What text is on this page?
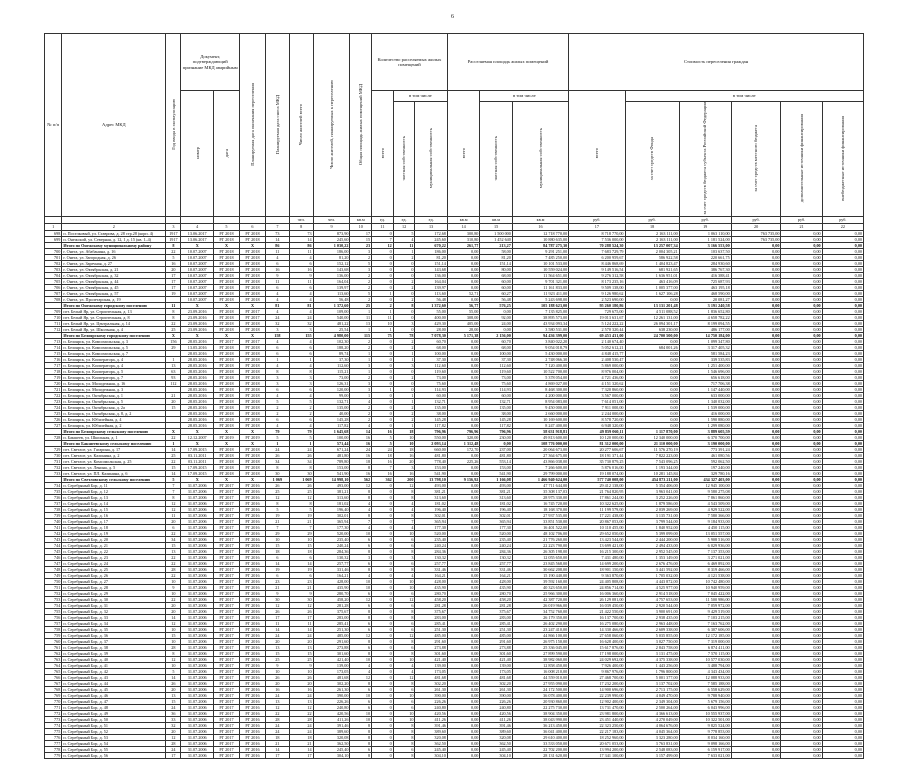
6
№ п/п	Адрес МКД	Год ввода в эксплуатацию	Документ, подтверждающий признание МКД аварийным		Планируемая дата окончания переселения	Планируемая дата сноса МКД	Число жителей всего	Число жителей, планируемых к переселению	Общая площадь жилых помещений МКД	Количество расселяемых жилых помещений			Расселяемая площадь жилых помещений			Стоимость переселения граждан					
			номер	дата						всего	в том числе		всего	в том числе		всего	в том числе				
											частная собственность	муниципальная собственность		частная собственность	муниципальная собственность		за счет средств Фонда	за счет средств бюджета субъекта Российской Федерации	за счет средств местного бюджета	дополнительные источники финансирования	внебюджетные источники финансирования
							чел.	чел.	кв.м	ед.	ед.	ед.	кв.м	кв.м	кв.м	руб.	руб.	руб.	руб.	руб.	руб.
1	2	3	4	5	6	7	8	9	10	11	12	13	14	15	16	17	18	19	20	21	22
698	п. Поселковый, ул. Ставрова, д. 28 стр.28 (корп. 4)	1917	13.06.2017	РГ 2018	РГ 2018	73	73	873,90	17	0	5	172,68	300,80	1 500 000	12 718 770,00	8 718 770,00	2 163 111,00	1 063 110,00	763 735,00	0,00	0,00
699	п. Онежский, ул. Северная, д. 12, 1 д. 15 (кв. 1–4)	1917	13.06.2017	РГ 2018	РГ 2018	14	14	245,60	15	7	4	245,60	310,80	1 452 640	10 880 635,00	7 536 000,00	2 163 111,00	1 181 524,00	763 735,00	0,00	0,00
	Итого по Онежскому муниципальному району	8	X	X	X	86	86	1 030,22	23	12	11	670,22	261,77	213,27	84 787 275,30	70 288 524,30	13 257 007,34	3 166 553,00	0,00	0,00	0,00
700	г. Онега, ул. Абабанина, д. 16	22	10.07.2007	РГ 2018	РГ 2018	11	11	186,00	3	0	1	186,00	0,00	58,00	9 291 251,00	7 683 729,79	2 004 305,21	103 637,50	0,00	0,00	0,00
701	г. Онега, ул. Загородная, д. 26	5	10.07.2007	РГ 2018	РГ 2018	4	4	81,20	2	0	2	81,20	0,00	81,20	7 485 250,00	6 200 959,67	586 922,58	220 661,75	0,00	0,00	0,00
702	г. Онега, ул. Заречная, д. 27	16	10.07.2007	РГ 2018	РГ 2018	6	6	152,12	5	0	0	151,14	0,00	151,14	10 101 533,00	8 446 868,69	1 404 823,47	284 930,60	0,00	0,00	0,00
703	г. Онега, ул. Октябрьская, д. 21	20	10.07.2007	РГ 2018	РГ 2018	16	16	143,68	3	0	0	143,68	0,00	80,00	10 559 024,00	9 149 516,54	681 921,65	386 767,30	0,00	0,00	0,00
704	г. Онега, ул. Октябрьская, д. 32	17	10.07.2007	РГ 2018	РГ 2018	9	9	136,00	2	0	0	136,00	0,00	68,00	11 564 651,00	9 276 312,58	1 636 951,01	416 388,41	0,00	0,00	0,00
705	г. Онега, ул. Октябрьская, д. 44	17	10.07.2007	РГ 2018	РГ 2018	11	11	164,04	2	0	2	164,04	0,00	60,00	9 701 321,00	8 173 235,16	463 416,09	725 687,93	0,00	0,00	0,00
706	г. Онега, ул. Октябрьская, д. 45	17	10.07.2007	РГ 2018	РГ 2018	6	6	139,97	2	0	2	139,97	0,00	60,00	11 161 833,00	9 509 138,00	1 005 377,00	463 195,18	0,00	0,00	0,00
707	г. Онега, ул. Октябрьская, д. 57	19	10.07.2007	РГ 2018	РГ 2018	4	4	113,60	5	1	0	113,60	52,71	60,27	11 923 411,00	9 126 980,62	1 627 106,28	468 590,00	0,00	0,00	0,00
708	г. Онега, ул. Пролетарская, д. 19		10.07.2007	РГ 2018	РГ 2018	4	4	56,48	2	0	2	56,48	0,00	56,48	5 243 698,00	2 523 690,00	0,00	20 081,27	0,00	0,00	0,00
	Итого по Онежскому городскому поселению	11	X	X	X	81	81	1 372,60	25	2	8	1 372,60	56,77	576,25	105 188 623,00	95 260 180,86	13 131 201,48	3 191 240,58	0,00	0,00	0,00
709	пгт. Белый Яр, ул. Строительная, д. 13	8	23.09.2016	РГ 2018	РГ 2017	4	4	109,00	1	1	0	55,00	55,00	0,00	7 135 825,00	729 675,00	4 511 088,52	1 836 652,80	0,00	0,00	0,00
710	пгт. Белый Яр, ул. Строительная, д. 8	8	23.09.2016	РГ 2018	РГ 2017	24	24	540,00	11	11	0	400,00	308,00	92,00	38 895 573,00	19 013 631,67	12 261 131,00	4 658 782,22	0,00	0,00	0,00
711	пгт. Белый Яр, ул. Центральная, д. 14	22	23.09.2016	РГ 2018	РГ 2018	32	32	481,22	13	10	3	429,30	405,00	24,00	43 934 093,34	5 124 222,22	26 094 301,17	8 199 094,55	0,00	0,00	0,00
712	пгт. Белый Яр, ул. Школьная, д. 4	25	23.09.2016	РГ 2018	РГ 2018	3	3	25,54	1	1	0	28,00	28,00	0,00	3 580 531,00	2 570 320,44	638 230,00	486 177,00	0,00	0,00	0,00
	Итого по Белоярскому городскому поселению	X	X	X	X	158	155	4 980,00	115	75	78	7 078,30	5 171,38	2 156,00	94 436 399,00	69 453 431,00	24 700 500,00	14 750 184,00	0,00	0,00	0,00
713	п. Белоярск, ул. Комсомольская, д. 3	156	28.05.2016	РГ 2017	РГ 2017	4	4	102,30	2	0	2	60,70	0,00	60,70	3 840 022,20	2 140 674,40	0,00	1 099 347,80	0,00	0,00	0,00
714	п. Белоярск, ул. Комсомольская, д. 5	29	13.05.2016	РГ 2018	РГ 2018	6	6	188,20	2	0	2	68,00	0,00	68,00	9 054 018,79	5 052 612,21	684 001,26	3 317 405,32	0,00	0,00	0,00
715	п. Белоярск, ул. Комсомольская, д. 7		28.05.2016	РГ 2018	РГ 2018	6	6	89,74	1	0	1	100,00	0,00	100,00	5 430 000,00	4 848 415,77	0,00	581 584,23	0,00	0,00	0,00
716	п. Белоярск, ул. Кооператора, д. 4	1	28.05.2016	РГ 2018	РГ 2018	1	1	37,30	1	0	1	37,30	0,00	37,30	2 748 066,30	2 408 530,47	0,00	339 535,83	0,00	0,00	0,00
717	п. Белоярск, ул. Кооператора, д. 4	13	28.05.2016	РГ 2018	РГ 2018	4	4	112,60	3	0	3	112,60	0,00	112,60	7 120 400,00	5 869 000,00	0,00	1 251 400,00	0,00	0,00	0,00
718	п. Белоярск, ул. Кооператора, д. 5	63	28.05.2016	РГ 2018	РГ 2018	8	8	115,21	1	0	0	119,60	0,00	119,60	10 522 700,00	8 976 004,00	0,00	1 546 696,00	0,00	0,00	0,00
719	п. Белоярск, ул. Кооператора, д. 7	93	28.05.2016	РГ 2018	РГ 2018	3	3	73,00	2	0	2	73,00	0,00	73,00	5 378 054,00	4 721 436,00	0,00	656 618,00	0,00	0,00	0,00
720	п. Белоярск, ул. Молодежная, д. 16	112	28.05.2016	РГ 2018	РГ 2018	3	3	126,31	3	0	0	75,60	0,00	75,60	4 869 027,00	4 151 320,62	0,00	717 706,38	0,00	0,00	0,00
721	п. Белоярск, ул. Молодежная, д. 3		28.05.2016	РГ 2018	РГ 2018	6	6	120,00	3	1	0	114,93	0,00	114,93	8 468 300,00	7 320 860,00	0,00	1 147 440,00	0,00	0,00	0,00
722	п. Белоярск, ул. Октябрьская, д. 1	21	28.05.2016	РГ 2018	РГ 2018	4	4	99,00	1	0	1	60,00	0,00	60,00	4 200 000,00	3 567 000,00	0,00	633 000,00	0,00	0,00	0,00
723	п. Белоярск, ул. Октябрьская, д. 5	20	28.05.2016	РГ 2018	РГ 2018	5	5	132,71	4	0	1	132,71	0,00	132,71	8 954 083,00	7 614 051,00	0,00	1 340 032,00	0,00	0,00	0,00
724	п. Белоярск, ул. Октябрьская, д. 2а	15	28.05.2016	РГ 2018	РГ 2018	2	2	135,00	2	0	2	135,00	0,00	135,00	9 450 000,00	7 911 000,00	0,00	1 539 000,00	0,00	0,00	0,00
725	п. Белоярск, ул. Октябрьская, д. 8, д. 2		28.05.2016	РГ 2018	РГ 2018	2	2	40,00	2	0	2	38,00	0,00	38,00	2 660 000,00	2 244 000,00	0,00	416 000,00	0,00	0,00	0,00
726	п. Белоярск, ул. Юбилейная, д. 4		28.05.2016	РГ 2018	РГ 2018	6	6	145,28	2	0	2	145,28	0,00	145,28	10 169 600,00	8 578 720,00	0,00	1 590 880,00	0,00	0,00	0,00
727	п. Белоярск, ул. Юбилейная, д. 2		28.05.2016	РГ 2018	РГ 2018	4	4	117,82	4	0	1	117,82	0,00	117,82	8 247 400,00	6 948 320,00	0,00	1 299 080,00	0,00	0,00	0,00
	Итого по Белоярскому сельскому поселению	X	X	X	X	79	79	1 645,68	14	16	18	796,96	796,96	796,96	58 631 918,81	49 859 060,11	1 117 870,00	3 889 605,59	0,00	0,00	0,00
728	п. Бакшеев, ул. Школьная, д. 1	22	12.12.2007	РГ 2019	РГ 2019	5	5	100,00	16	5	10	550,00	320,00	230,00	49 813 600,00	10 120 000,00	12 340 000,00	6 370 700,00	0,00	0,00	0,00
	Итого по Бакшеевскому сельскому поселению	1	X	X	X	1	1	571,44	16	5	10	2 093,14	1 312,48	0,00	108 776 000,00	81 312 000,00	21 110 000,00	3 190 000,00	0,00	0,00	0,00
729	пгт. Светлое, ул. Гагарина, д. 17	14	17.09.2015	РГ 2018	РГ 2018	24	24	671,24	24	24	18	660,00	172,70	237,00	20 064 673,00	20 277 606,67	11 576 270,19	773 391,24	0,00	0,00	0,00
730	пгт. Светлое, ул. Калинина, д. 2	25	03.11.2011	РГ 2018	РГ 2018	26	26	481,80	16	18	16	481,80	0,00	481,80	27 364 675,00	18 191 371,44	7 822 223,00	461 080,56	0,00	0,00	0,00
731	пгт. Светлое, ул. Комсомольская, д. 25	22	03.11.2011	РГ 2018	РГ 2018	34	34	789,80	18	16	20	778,40	225,26	553,14	43 866 038,00	35 730 879,25	7 543 096,25	592 062,50	0,00	0,00	0,00
732	пгт. Светлое, ул. Ленина, д. 5	15	17.09.2015	РГ 2018	РГ 2018	8	8	153,00	8	7	3	153,00	0,00	153,00	7 266 600,00	5 876 016,00	1 193 344,00	197 240,00	0,00	0,00	0,00
733	пгт. Светлое, ул. ПЛ. Калинина, д. 6	14	17.09.2015	РГ 2018	РГ 2018	30	30	541,90	16	16	16	541,90	0,00	541,90	29 799 000,00	19 188 074,00	10 281 145,84	329 780,16	0,00	0,00	0,00
	Итого по Светловскому сельскому поселению	5	X	X	X	1 069	1 069	14 998,10	562	362	200	13 798,10	9 156,92	1 166,08	1 466 940 624,00	577 740 008,00	454 873 211,00	434 327 403,00	0,00	0,00	0,00
734	п. Серебряный Бор, д. 11	7	31.07.2006	РГ 2017	РГ 2016	26	26	493,00	12	0	12	493,00	0,00	493,00	47 711 644,00	29 412 138,00	5 354 406,00	12 945 100,00	0,00	0,00	0,00
735	п. Серебряный Бор, д. 12	7	31.07.2006	РГ 2017	РГ 2016	25	25	381,21	8	0	8	381,21	0,00	381,21	35 308 137,03	21 764 820,95	3 963 041,00	9 580 275,08	0,00	0,00	0,00
736	п. Серебряный Бор, д. 13	8	31.07.2006	РГ 2017	РГ 2016	12	12	313,60	8	0	8	313,60	0,00	313,60	28 975 330,00	17 861 244,00	3 252 226,00	7 861 860,00	0,00	0,00	0,00
737	п. Серебряный Бор, д. 14	12	31.07.2006	РГ 2017	РГ 2016	8	8	181,02	4	0	4	181,02	0,00	181,02	16 745 720,00	10 322 625,00	1 879 586,00	4 543 509,00	0,00	0,00	0,00
738	п. Серебряный Бор, д. 15	12	31.07.2006	РГ 2017	РГ 2016	5	5	196,40	4	0	4	196,40	0,00	196,40	18 168 370,00	11 199 579,00	2 039 269,00	4 929 522,00	0,00	0,00	0,00
739	п. Серебряный Бор, д. 16	11	31.07.2006	РГ 2017	РГ 2016	19	19	302,01	8	0	8	302,01	0,00	302,01	27 937 535,00	17 221 438,00	3 135 731,00	7 580 366,00	0,00	0,00	0,00
740	п. Серебряный Бор, д. 17	20	31.07.2006	РГ 2017	РГ 2016	21	21	365,94	7	0	7	365,94	0,00	365,94	33 851 530,00	20 867 053,00	3 799 544,00	9 184 933,00	0,00	0,00	0,00
741	п. Серебряный Бор, д. 18	6	31.07.2006	РГ 2017	РГ 2016	7	7	177,30	4	0	4	177,30	0,00	177,30	16 401 522,00	10 110 455,00	1 840 952,00	4 450 115,00	0,00	0,00	0,00
742	п. Серебряный Бор, д. 19	22	31.07.2006	РГ 2017	РГ 2016	29	29	520,00	10	0	10	520,00	0,00	520,00	48 102 706,00	29 652 050,00	5 399 099,00	13 051 557,00	0,00	0,00	0,00
743	п. Серебряный Бор, д. 20	34	31.07.2006	РГ 2017	РГ 2016	10	10	235,40	6	0	6	235,40	0,00	235,40	21 776 260,00	13 423 544,00	2 444 200,00	5 908 516,00	0,00	0,00	0,00
744	п. Серебряный Бор, д. 21	15	31.07.2006	РГ 2017	РГ 2016	15	15	240,24	6	0	6	240,24	0,00	240,24	22 223 790,00	13 699 421,00	2 494 433,00	6 029 936,00	0,00	0,00	0,00
745	п. Серебряный Бор, д. 22	13	31.07.2006	РГ 2017	РГ 2016	18	18	284,36	8	0	8	284,36	0,00	284,36	26 305 198,00	16 215 300,00	2 952 545,00	7 137 353,00	0,00	0,00	0,00
746	п. Серебряный Бор, д. 23	22	31.07.2006	РГ 2017	РГ 2016	6	6	130,32	3	0	3	130,32	0,00	130,32	12 055 650,00	7 431 480,00	1 353 149,00	3 271 021,00	0,00	0,00	0,00
747	п. Серебряный Бор, д. 24	22	31.07.2006	РГ 2017	РГ 2016	14	14	257,77	6	0	6	257,77	0,00	257,77	23 845 568,00	14 699 200,00	2 676 476,00	6 469 892,00	0,00	0,00	0,00
748	п. Серебряный Бор, д. 25	28	31.07.2006	РГ 2017	РГ 2016	19	19	331,46	8	0	8	331,46	0,00	331,46	30 662 208,00	18 901 150,00	3 441 592,00	8 319 466,00	0,00	0,00	0,00
749	п. Серебряный Бор, д. 26	22	31.07.2006	РГ 2017	РГ 2016	6	6	164,21	4	0	4	164,21	0,00	164,21	15 190 440,00	9 363 870,00	1 705 032,00	4 121 538,00	0,00	0,00	0,00
750	п. Серебряный Бор, д. 27	10	31.07.2006	РГ 2017	РГ 2016	23	23	428,00	10	0	10	428,00	0,00	428,00	39 592 160,00	24 405 808,00	4 443 872,00	10 742 480,00	0,00	0,00	0,00
751	п. Серебряный Бор, д. 28	9	31.07.2006	РГ 2017	РГ 2016	21	21	435,90	10	0	10	435,90	0,00	435,90	40 323 650,00	24 856 714,00	4 525 977,00	10 940 959,00	0,00	0,00	0,00
752	п. Серебряный Бор, д. 29	10	31.07.2006	РГ 2017	РГ 2016	9	9	280,70	6	0	6	280,70	0,00	280,70	25 966 300,00	16 006 360,00	2 914 518,00	7 045 422,00	0,00	0,00	0,00
753	п. Серебряный Бор, д. 30	22	31.07.2006	РГ 2017	РГ 2016	30	30	458,20	12	0	12	458,20	0,00	458,20	42 387 720,00	26 129 081,00	4 757 653,00	11 500 986,00	0,00	0,00	0,00
754	п. Серебряный Бор, д. 31	20	31.07.2006	РГ 2017	РГ 2016	12	12	281,28	6	0	6	281,28	0,00	281,28	26 019 966,00	16 039 450,00	2 920 544,00	7 059 972,00	0,00	0,00	0,00
755	п. Серебряный Бор, д. 32	20	31.07.2006	РГ 2017	РГ 2016	26	26	375,67	8	0	8	375,67	0,00	375,67	34 752 760,00	21 422 550,00	3 900 691,00	9 429 519,00	0,00	0,00	0,00
756	п. Серебряный Бор, д. 33	14	31.07.2006	РГ 2017	РГ 2016	17	17	283,00	8	0	8	283,00	0,00	283,00	26 179 350,00	16 137 700,00	2 938 435,00	7 103 215,00	0,00	0,00	0,00
757	п. Серебряный Бор, д. 34	12	31.07.2006	РГ 2017	РГ 2016	11	11	285,41	6	0	6	285,41	0,00	285,41	26 402 290,00	16 275 080,00	2 963 448,00	7 163 762,00	0,00	0,00	0,00
758	п. Серебряный Бор, д. 35	10	31.07.2006	РГ 2017	РГ 2016	14	14	251,30	6	0	6	251,30	0,00	251,30	23 247 410,00	14 330 466,00	2 609 338,00	6 307 606,00	0,00	0,00	0,00
759	п. Серебряный Бор, д. 36	15	31.07.2006	РГ 2017	РГ 2016	24	24	485,00	12	0	12	485,00	0,00	485,00	44 866 100,00	27 658 060,00	5 035 855,00	12 172 185,00	0,00	0,00	0,00
760	п. Серебряный Бор, д. 37	10	31.07.2006	РГ 2017	РГ 2016	20	20	291,60	8	0	8	291,60	0,00	291,60	26 975 150,00	16 628 400,00	3 027 750,00	7 319 000,00	0,00	0,00	0,00
761	п. Серебряный Бор, д. 38	28	31.07.2006	РГ 2017	РГ 2016	13	13	273,88	6	0	6	273,88	0,00	273,88	25 336 045,00	15 617 876,00	2 843 758,00	6 874 411,00	0,00	0,00	0,00
762	п. Серебряный Бор, д. 39	8	31.07.2006	РГ 2017	РГ 2016	15	15	301,60	8	0	8	301,60	0,00	301,60	27 899 590,00	17 198 000,00	3 131 475,00	7 570 115,00	0,00	0,00	0,00
763	п. Серебряный Бор, д. 40	12	31.07.2006	РГ 2017	РГ 2016	25	25	421,40	10	0	10	421,40	0,00	421,40	38 982 060,00	24 029 692,00	4 375 338,00	10 577 030,00	0,00	0,00	0,00
764	п. Серебряный Бор, д. 41	10	31.07.2006	РГ 2017	РГ 2016	9	9	139,00	4	0	4	139,00	0,00	139,00	12 858 450,00	7 926 400,00	1 443 256,00	3 488 794,00	0,00	0,00	0,00
765	п. Серебряный Бор, д. 42	5	31.07.2006	РГ 2017	РГ 2016	10	10	173,05	4	0	4	173,05	0,00	173,05	16 008 210,00	9 867 976,00	1 796 800,00	4 343 434,00	0,00	0,00	0,00
766	п. Серебряный Бор, д. 43	14	31.07.2006	РГ 2017	РГ 2016	26	26	481,68	12	0	12	481,68	0,00	481,68	44 559 010,00	27 468 700,00	5 001 377,00	12 088 933,00	0,00	0,00	0,00
767	п. Серебряный Бор, д. 44	26	31.07.2006	РГ 2017	РГ 2016	20	20	302,20	8	0	8	302,20	0,00	302,20	27 955 090,00	17 232 200,00	3 137 702,00	7 585 188,00	0,00	0,00	0,00
768	п. Серебряный Бор, д. 45	20	31.07.2006	РГ 2017	РГ 2016	16	16	261,30	6	0	6	261,30	0,00	261,30	24 172 500,00	14 900 696,00	2 713 175,00	6 558 629,00	0,00	0,00	0,00
769	п. Серебряный Бор, д. 46	13	31.07.2006	РГ 2017	РГ 2016	24	24	390,00	10	0	10	390,00	0,00	390,00	36 078 400,00	22 239 990,00	4 049 470,00	9 788 940,00	0,00	0,00	0,00
770	п. Серебряный Бор, д. 47	15	31.07.2006	РГ 2017	РГ 2016	13	13	226,26	6	0	6	226,26	0,00	226,26	20 930 860,00	12 902 400,00	2 349 304,00	5 679 156,00	0,00	0,00	0,00
771	п. Серебряный Бор, д. 48	24	31.07.2006	РГ 2017	РГ 2016	12	12	240,80	6	0	6	240,80	0,00	240,80	22 275 730,00	13 731 470,00	2 500 264,00	6 043 996,00	0,00	0,00	0,00
772	п. Серебряный Бор, д. 49	36	31.07.2006	РГ 2017	РГ 2016	22	22	420,56	10	0	10	420,56	0,00	420,56	38 904 350,00	23 981 800,00	4 366 613,00	10 555 937,00	0,00	0,00	0,00
773	п. Серебряный Бор, д. 50	33	31.07.2006	РГ 2017	РГ 2016	28	28	411,26	10	0	10	411,26	0,00	411,26	38 043 990,00	23 451 440,00	4 270 049,00	10 322 501,00	0,00	0,00	0,00
774	п. Серебряный Бор, д. 51	32	31.07.2006	РГ 2017	РГ 2016	24	24	391,46	8	0	8	391,46	0,00	391,46	36 213 450,00	22 323 250,00	4 064 676,00	9 825 524,00	0,00	0,00	0,00
775	п. Серебряный Бор, д. 52	20	31.07.2006	РГ 2017	РГ 2016	24	24	389,60	8	0	8	389,60	0,00	389,60	36 041 400,00	22 217 183,00	4 045 364,00	9 778 853,00	0,00	0,00	0,00
776	п. Серебряный Бор, д. 53	12	31.07.2006	РГ 2017	РГ 2016	18	18	320,08	8	0	8	320,08	0,00	320,08	29 610 400,00	18 252 960,00	3 323 280,00	8 034 160,00	0,00	0,00	0,00
777	п. Серебряный Бор, д. 54	28	31.07.2006	РГ 2017	РГ 2016	21	21	362,50	8	0	8	362,50	0,00	362,50	33 533 050,00	20 671 053,00	3 763 831,00	9 098 166,00	0,00	0,00	0,00
778	п. Серебряный Бор, д. 55	24	31.07.2006	РГ 2017	РГ 2016	14	14	245,40	6	0	6	245,40	0,00	245,40	22 702 200,00	13 994 200,00	2 548 083,00	6 159 917,00	0,00	0,00	0,00
779	п. Серебряный Бор, д. 56	17	31.07.2006	РГ 2017	РГ 2016	17	17	304,10	8	0	8	304,10	0,00	304,10	28 131 620,00	17 341 100,00	3 157 499,00	7 633 021,00	0,00	0,00	0,00
